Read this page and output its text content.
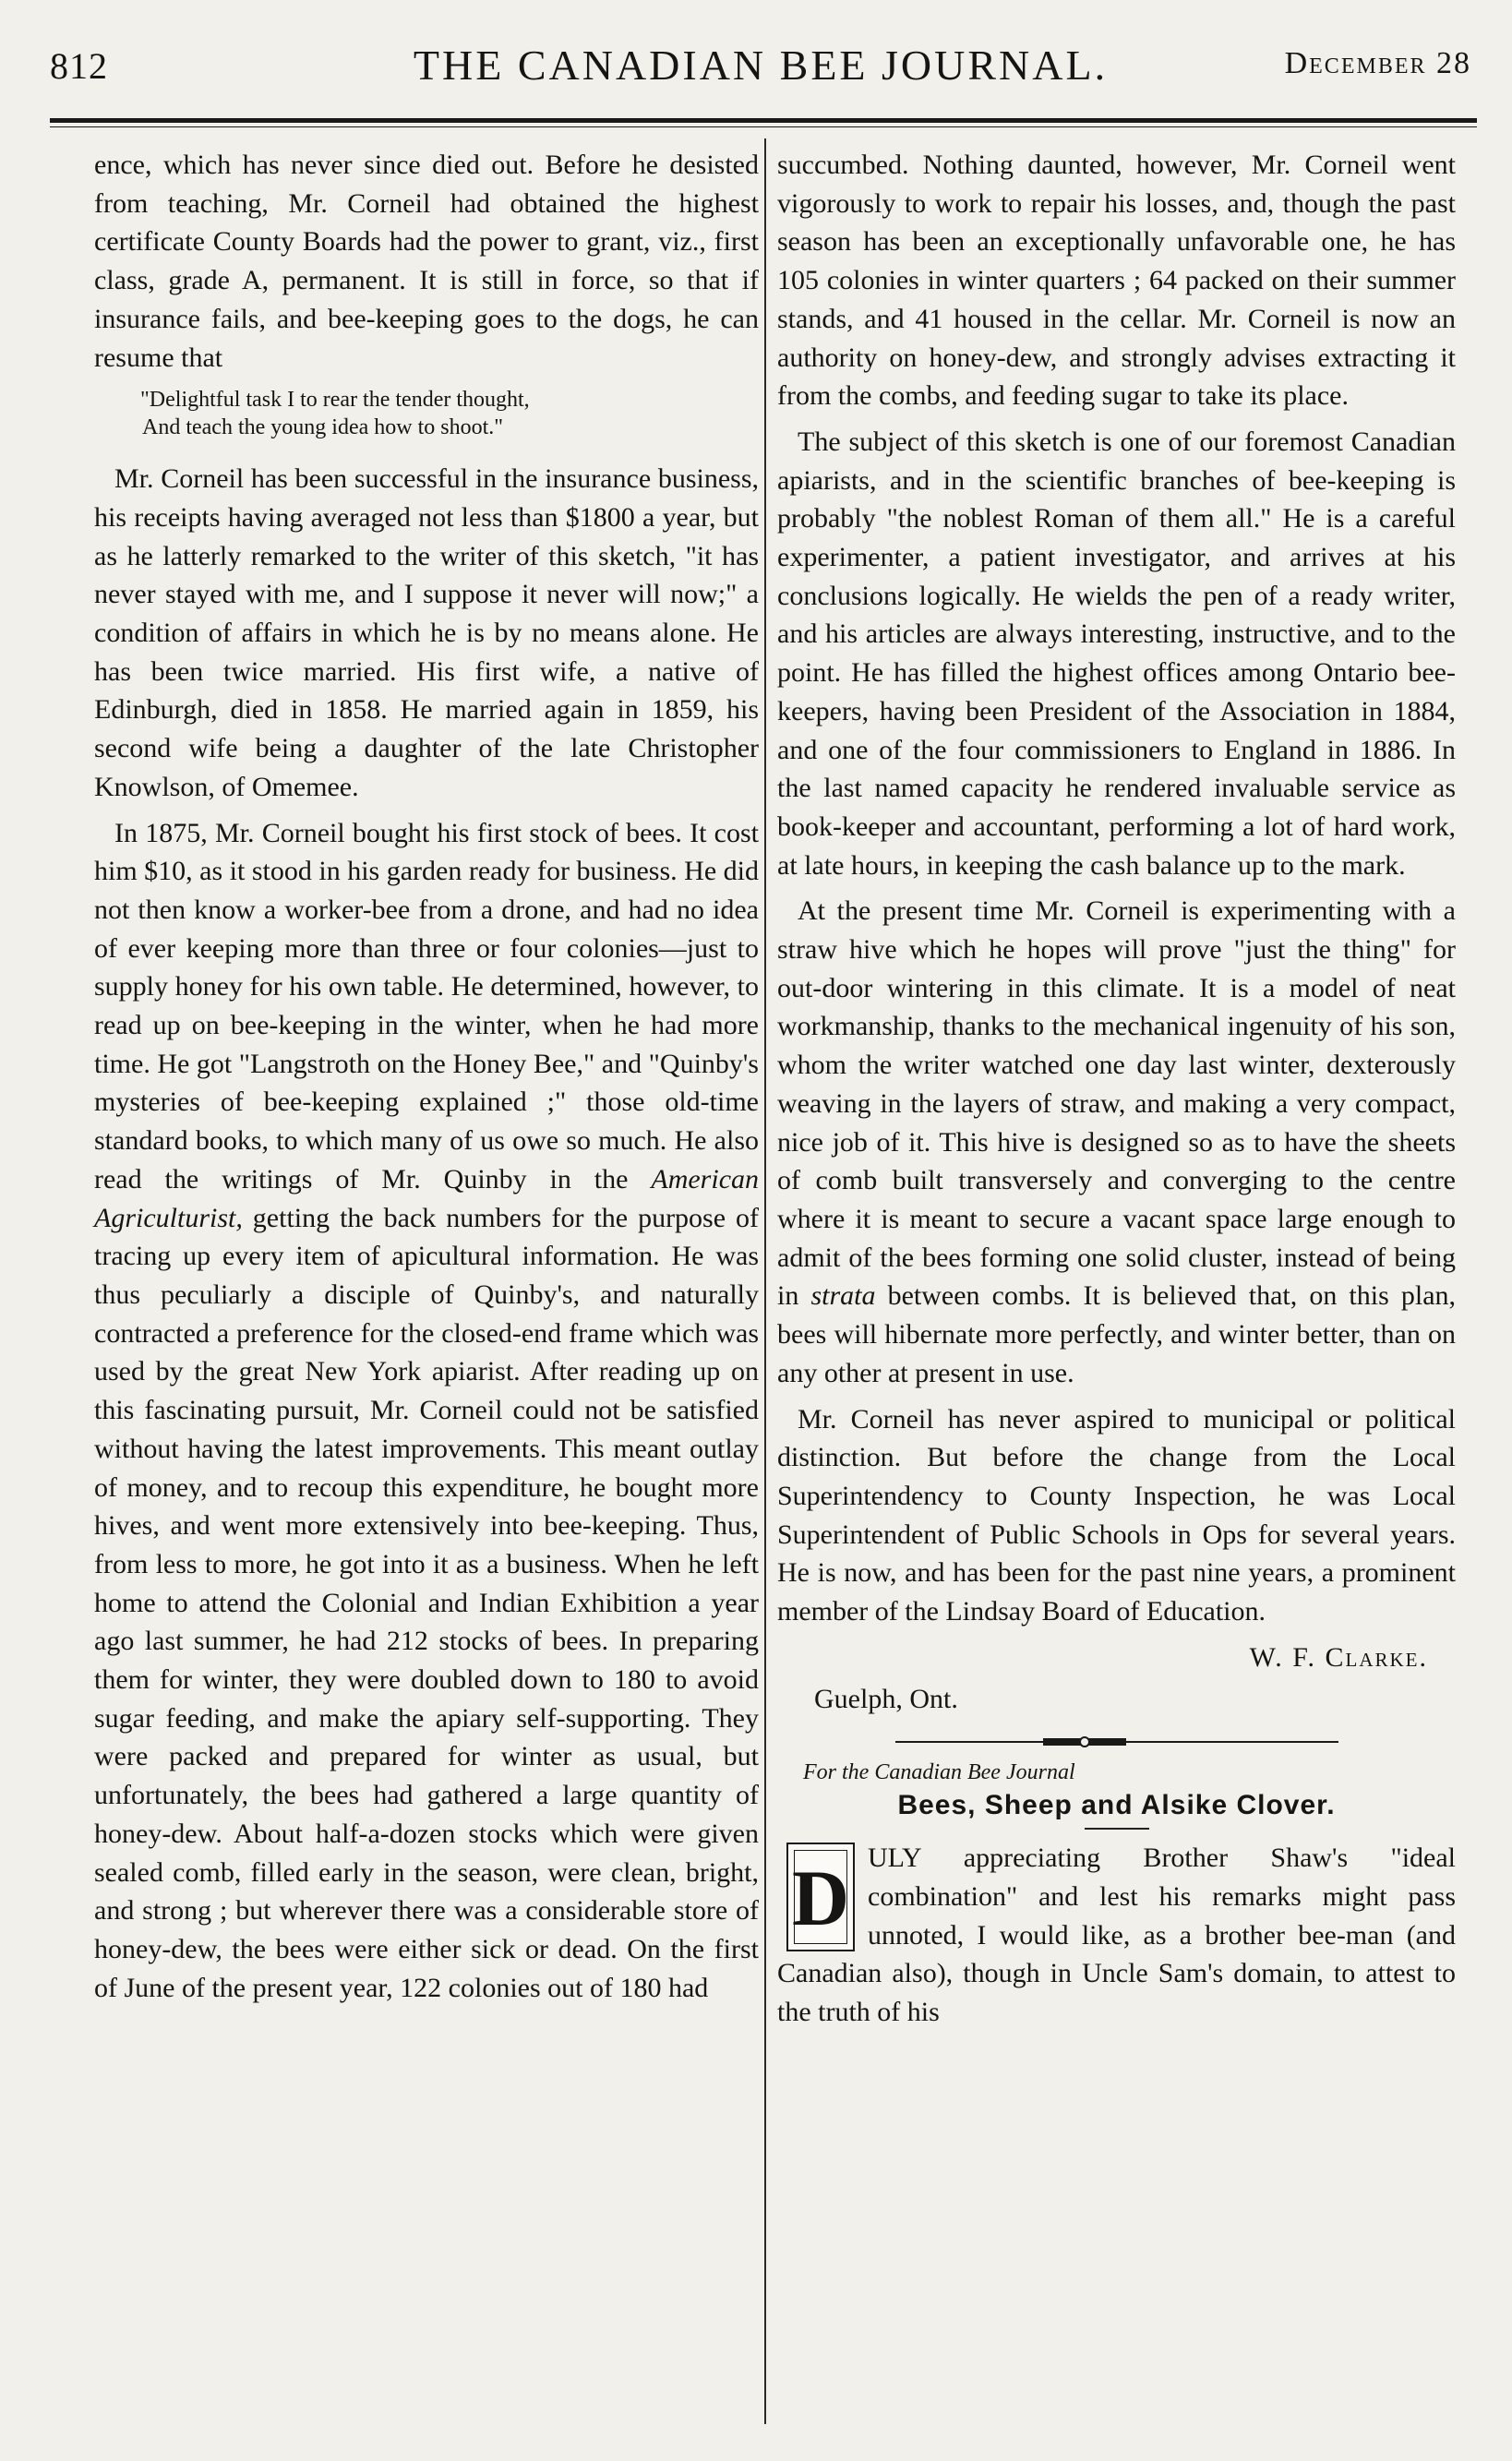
812	THE CANADIAN BEE JOURNAL.	December 28

ence, which has never since died out. Before he desisted from teaching, Mr. Corneil had obtained the highest certificate County Boards had the power to grant, viz., first class, grade A, permanent. It is still in force, so that if insurance fails, and bee-keeping goes to the dogs, he can resume that

"Delightful task I to rear the tender thought,
And teach the young idea how to shoot."

Mr. Corneil has been successful in the insurance business, his receipts having averaged not less than $1800 a year, but as he latterly remarked to the writer of this sketch, "it has never stayed with me, and I suppose it never will now;" a condition of affairs in which he is by no means alone. He has been twice married. His first wife, a native of Edinburgh, died in 1858. He married again in 1859, his second wife being a daughter of the late Christopher Knowlson, of Omemee.

In 1875, Mr. Corneil bought his first stock of bees. It cost him $10, as it stood in his garden ready for business. He did not then know a worker-bee from a drone, and had no idea of ever keeping more than three or four colonies—just to supply honey for his own table. He determined, however, to read up on bee-keeping in the winter, when he had more time. He got "Langstroth on the Honey Bee," and "Quinby's mysteries of bee-keeping explained ;" those old-time standard books, to which many of us owe so much. He also read the writings of Mr. Quinby in the American Agriculturist, getting the back numbers for the purpose of tracing up every item of apicultural information. He was thus peculiarly a disciple of Quinby's, and naturally contracted a preference for the closed-end frame which was used by the great New York apiarist. After reading up on this fascinating pursuit, Mr. Corneil could not be satisfied without having the latest improvements. This meant outlay of money, and to recoup this expenditure, he bought more hives, and went more extensively into bee-keeping. Thus, from less to more, he got into it as a business. When he left home to attend the Colonial and Indian Exhibition a year ago last summer, he had 212 stocks of bees. In preparing them for winter, they were doubled down to 180 to avoid sugar feeding, and make the apiary self-supporting. They were packed and prepared for winter as usual, but unfortunately, the bees had gathered a large quantity of honey-dew. About half-a-dozen stocks which were given sealed comb, filled early in the season, were clean, bright, and strong ; but wherever there was a considerable store of honey-dew, the bees were either sick or dead. On the first of June of the present year, 122 colonies out of 180 had

succumbed. Nothing daunted, however, Mr. Corneil went vigorously to work to repair his losses, and, though the past season has been an exceptionally unfavorable one, he has 105 colonies in winter quarters ; 64 packed on their summer stands, and 41 housed in the cellar. Mr. Corneil is now an authority on honey-dew, and strongly advises extracting it from the combs, and feeding sugar to take its place.

The subject of this sketch is one of our foremost Canadian apiarists, and in the scientific branches of bee-keeping is probably "the noblest Roman of them all." He is a careful experimenter, a patient investigator, and arrives at his conclusions logically. He wields the pen of a ready writer, and his articles are always interesting, instructive, and to the point. He has filled the highest offices among Ontario bee-keepers, having been President of the Association in 1884, and one of the four commissioners to England in 1886. In the last named capacity he rendered invaluable service as book-keeper and accountant, performing a lot of hard work, at late hours, in keeping the cash balance up to the mark.

At the present time Mr. Corneil is experimenting with a straw hive which he hopes will prove "just the thing" for out-door wintering in this climate. It is a model of neat workmanship, thanks to the mechanical ingenuity of his son, whom the writer watched one day last winter, dexterously weaving in the layers of straw, and making a very compact, nice job of it. This hive is designed so as to have the sheets of comb built transversely and converging to the centre where it is meant to secure a vacant space large enough to admit of the bees forming one solid cluster, instead of being in strata between combs. It is believed that, on this plan, bees will hibernate more perfectly, and winter better, than on any other at present in use.

Mr. Corneil has never aspired to municipal or political distinction. But before the change from the Local Superintendency to County Inspection, he was Local Superintendent of Public Schools in Ops for several years. He is now, and has been for the past nine years, a prominent member of the Lindsay Board of Education.

W. F. Clarke.
Guelph, Ont.
For the Canadian Bee Journal
Bees, Sheep and Alsike Clover.
D ULY appreciating Brother Shaw's "ideal combination" and lest his remarks might pass unnoted, I would like, as a brother bee-man (and Canadian also), though in Uncle Sam's domain, to attest to the truth of his
